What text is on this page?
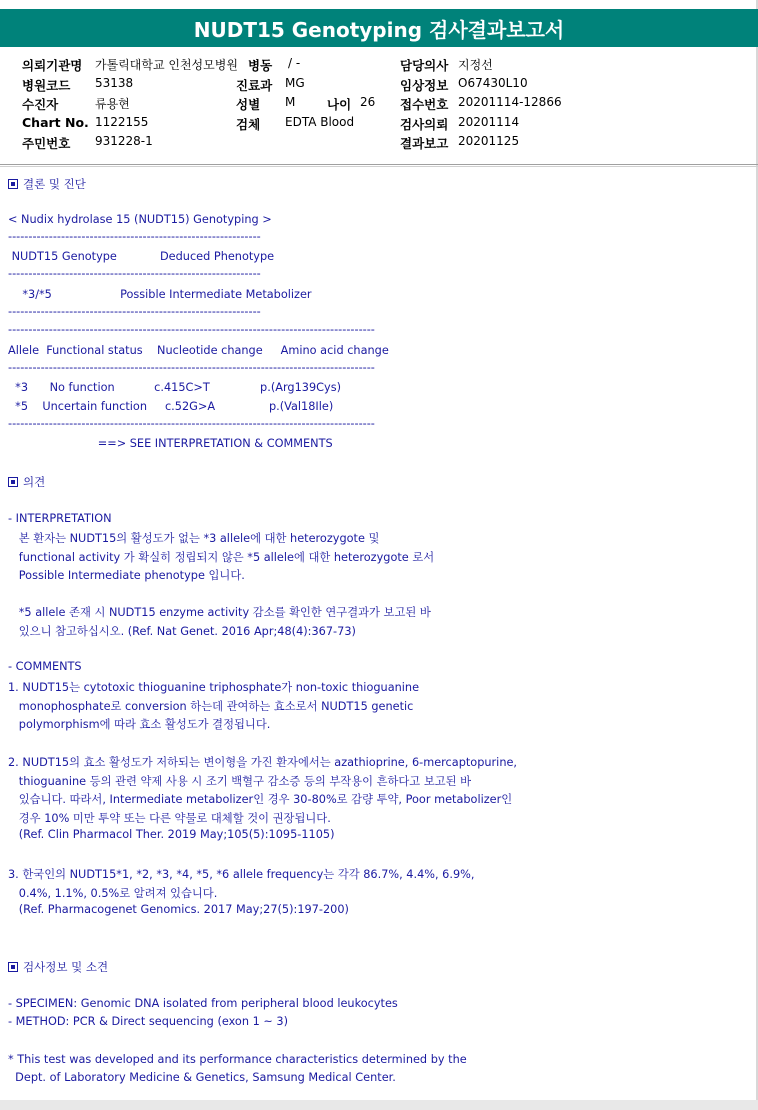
NUDT15 Genotyping 검사결과보고서
의뢰기관명 가톨릭대학교 인천성모병원 병동 / -	담당의사 지정선
병원코드 53138	진료과 MG	임상정보 O67430L10
수진자	류용현	성별 M	나이 26 접수번호 20201114-12866
Chart No. 1122155	검체 EDTA Blood	검사의뢰 20201114
주민번호 931228-1	결과보고 20201125
결론 및 진단
< Nudix hydrolase 15 (NUDT15) Genotyping >
--------------------------------------------------------------
NUDT15 Genotype            Deduced Phenotype
--------------------------------------------------------------
*3/*5                   Possible Intermediate Metabolizer
--------------------------------------------------------------
------------------------------------------------------------------------------------------
Allele  Functional status    Nucleotide change     Amino acid change
------------------------------------------------------------------------------------------
*3      No function           c.415C>T              p.(Arg139Cys)
*5    Uncertain function     c.52G>A               p.(Val18Ile)
------------------------------------------------------------------------------------------
==> SEE INTERPRETATION & COMMENTS
의견
- INTERPRETATION
본 환자는 NUDT15의 활성도가 없는 *3 allele에 대한 heterozygote 및
functional activity 가 확실히 정립되지 않은 *5 allele에 대한 heterozygote 로서
Possible Intermediate phenotype 입니다.
*5 allele 존재 시 NUDT15 enzyme activity 감소를 확인한 연구결과가 보고된 바
있으니 참고하십시오. (Ref. Nat Genet. 2016 Apr;48(4):367-73)
- COMMENTS
1. NUDT15는 cytotoxic thioguanine triphosphate가 non-toxic thioguanine
monophosphate로 conversion 하는데 관여하는 효소로서 NUDT15 genetic
polymorphism에 따라 효소 활성도가 결정됩니다.
2. NUDT15의 효소 활성도가 저하되는 변이형을 가진 환자에서는 azathioprine, 6-mercaptopurine,
thioguanine 등의 관련 약제 사용 시 조기 백혈구 감소증 등의 부작용이 흔하다고 보고된 바
있습니다. 따라서, Intermediate metabolizer인 경우 30-80%로 감량 투약, Poor metabolizer인
경우 10% 미만 투약 또는 다른 약물로 대체할 것이 권장됩니다.
(Ref. Clin Pharmacol Ther. 2019 May;105(5):1095-1105)
3. 한국인의 NUDT15*1, *2, *3, *4, *5, *6 allele frequency는 각각 86.7%, 4.4%, 6.9%,
0.4%, 1.1%, 0.5%로 알려져 있습니다.
(Ref. Pharmacogenet Genomics. 2017 May;27(5):197-200)
검사정보 및 소견
- SPECIMEN: Genomic DNA isolated from peripheral blood leukocytes
- METHOD: PCR & Direct sequencing (exon 1 ~ 3)
* This test was developed and its performance characteristics determined by the
Dept. of Laboratory Medicine & Genetics, Samsung Medical Center.
